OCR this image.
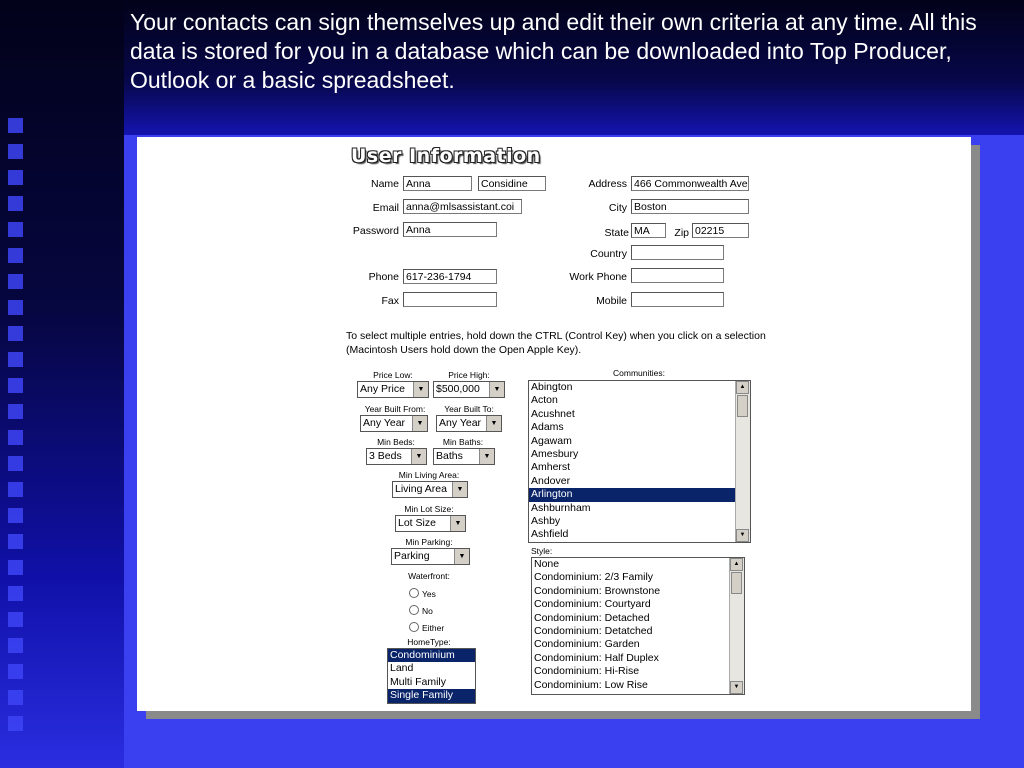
Your contacts can sign themselves up and edit their own criteria at any time. All this data is stored for you in a database which can be downloaded into Top Producer, Outlook or a basic spreadsheet.
User Information
Name Anna	Considine
Email anna@mlsassistant.coi
Password Anna
Phone 617-236-1794
Fax
Address 466 Commonwealth Ave
City Boston
State MA	Zip 02215
Country
Work Phone
Mobile
To select multiple entries, hold down the CTRL (Control Key) when you click on a selection (Macintosh Users hold down the Open Apple Key).
Price Low:
Any Price	▼
Price High:
$500,000	▼
Year Built From:
Any Year	▼
Year Built To:
Any Year	▼
Min Beds:
3 Beds	▼
Min Baths:
Baths	▼
Min Living Area:
Living Area	▼
Min Lot Size:
Lot Size	▼
Min Parking:
Parking	▼
Waterfront:
Yes
No
Either
HomeType:
Condominium
Land
Multi Family
Single Family
Communities:
Abington
Acton
Acushnet
Adams
Agawam
Amesbury
Amherst
Andover
Arlington
Ashburnham
Ashby
Ashfield
▲
▼
Style:
None
Condominium: 2/3 Family
Condominium: Brownstone
Condominium: Courtyard
Condominium: Detached
Condominium: Detatched
Condominium: Garden
Condominium: Half Duplex
Condominium: Hi-Rise
Condominium: Low Rise
▲
▼
